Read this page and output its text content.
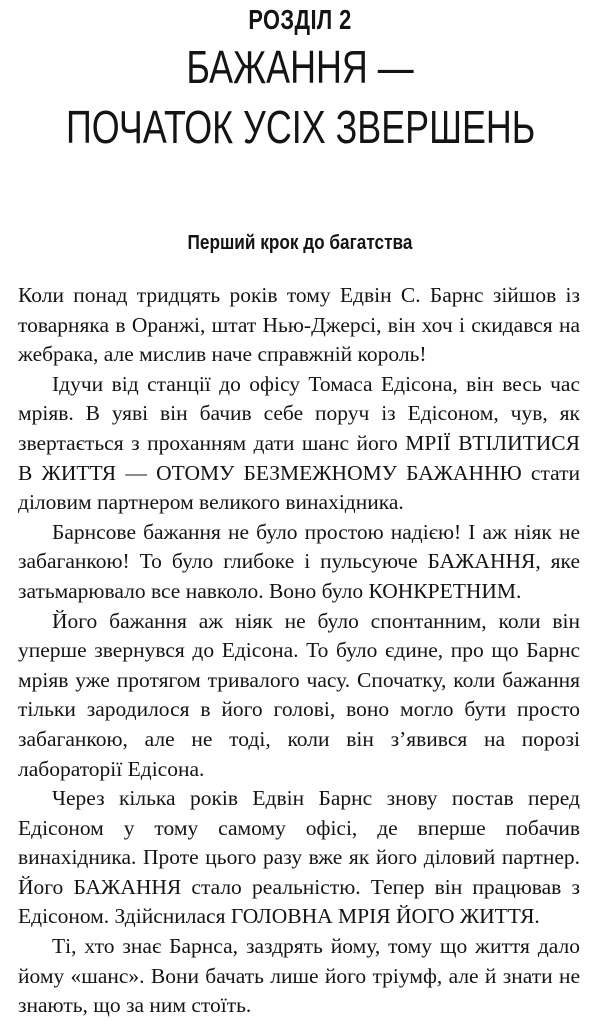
РОЗДІЛ 2
БАЖАННЯ —
ПОЧАТОК УСІХ ЗВЕРШЕНЬ
Перший крок до багатства

Коли понад тридцять років тому Едвін С. Барнс зійшов із товарняка в Оранжі, штат Нью-Джерсі, він хоч і скидався на жебрака, але мислив наче справжній король!

Ідучи від станції до офісу Томаса Едісона, він весь час мріяв. В уяві він бачив себе поруч із Едісоном, чув, як звертається з проханням дати шанс його МРІЇ ВТІЛИТИСЯ В ЖИТТЯ — ОТОМУ БЕЗМЕЖНОМУ БАЖАННЮ стати діловим партнером великого винахідника.

Барнсове бажання не було простою надією! І аж ніяк не забаганкою! То було глибоке і пульсуюче БАЖАННЯ, яке затьмарювало все навколо. Воно було КОНКРЕТНИМ.

Його бажання аж ніяк не було спонтанним, коли він уперше звернувся до Едісона. То було єдине, про що Барнс мріяв уже протягом тривалого часу. Спочатку, коли бажання тільки зародилося в його голові, воно могло бути просто забаганкою, але не тоді, коли він з’явився на порозі лабораторії Едісона.

Через кілька років Едвін Барнс знову постав перед Едісоном у тому самому офісі, де вперше побачив винахідника. Проте цього разу вже як його діловий партнер. Його БАЖАННЯ стало реальністю. Тепер він працював з Едісоном. Здійснилася ГОЛОВНА МРІЯ ЙОГО ЖИТТЯ.

Ті, хто знає Барнса, заздрять йому, тому що життя дало йому «шанс». Вони бачать лише його тріумф, але й знати не знають, що за ним стоїть.
